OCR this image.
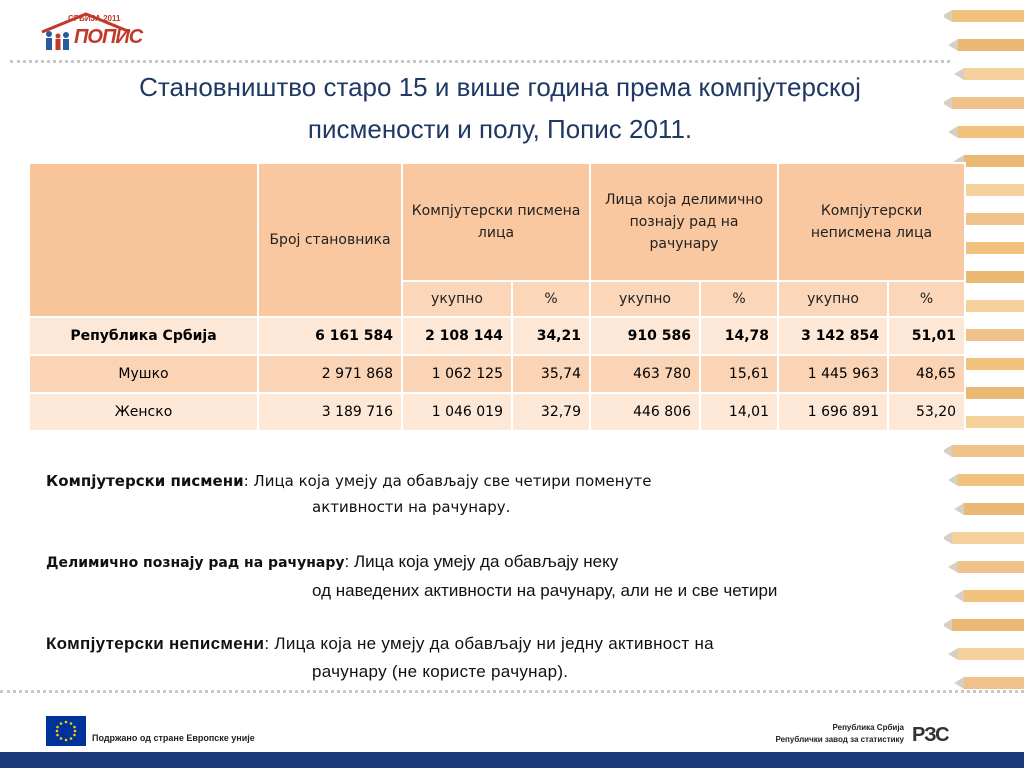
СРБИЈА 2011
ПОПИС
Становништво старо 15 и више година према компјутерској
писмености и полу, Попис 2011.
	Број становника	Компјутерски писмена лица		Лица која делимично познају рад на рачунару		Компјутерски неписмена лица	
		укупно	%	укупно	%	укупно	%
Република Србија	6 161 584	2 108 144	34,21	910 586	14,78	3 142 854	51,01
Мушко	2 971 868	1 062 125	35,74	463 780	15,61	1 445 963	48,65
Женско	3 189 716	1 046 019	32,79	446 806	14,01	1 696 891	53,20
Компјутерски писмени: Лица која умеју да обављају све четири поменуте
активности на рачунару.
Делимично познају рад на рачунару: Лица која умеју да обављају неку
од наведених активности на рачунару, али не и све четири
Компјутерски неписмени: Лица која не умеју да обављају ни једну активност на
рачунару (не користе рачунар).
Подржано од стране Европске уније
Република Србија
Републички завод за статистику РЗС
